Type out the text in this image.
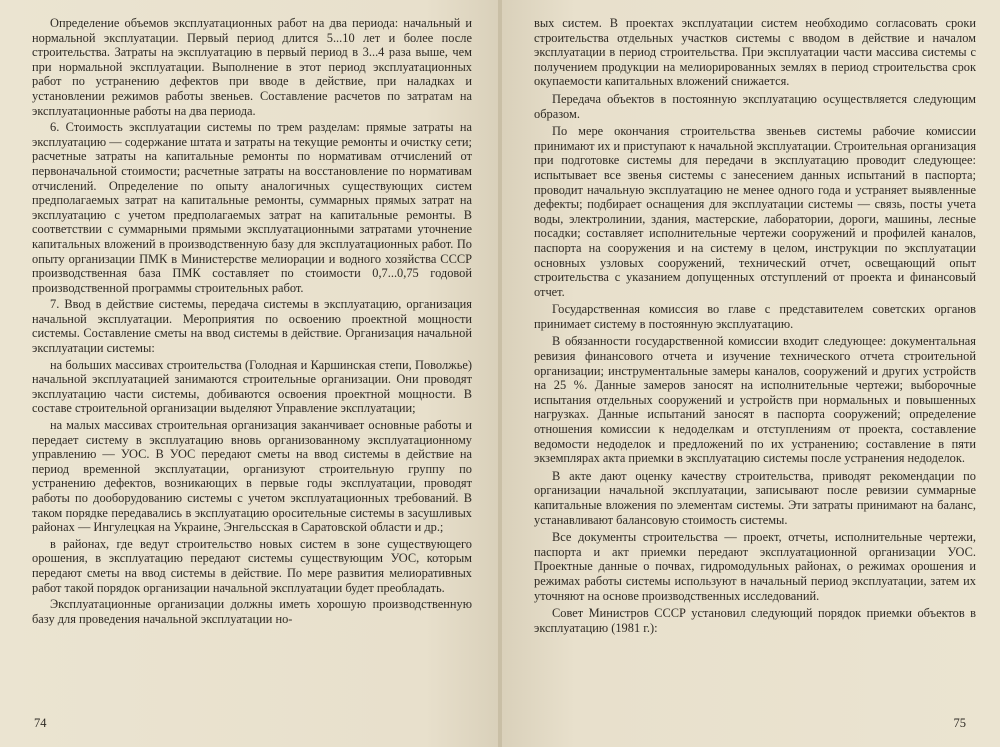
Определение объемов эксплуатационных работ на два периода: начальный и нормальной эксплуатации. Первый период длится 5...10 лет и более после строительства. Затраты на эксплуатацию в первый период в 3...4 раза выше, чем при нормальной эксплуатации. Выполнение в этот период эксплуатационных работ по устранению дефектов при вводе в действие, при наладках и установлении режимов работы звеньев. Составление расчетов по затратам на эксплуатационные работы на два периода.

6. Стоимость эксплуатации системы по трем разделам: прямые затраты на эксплуатацию — содержание штата и затраты на текущие ремонты и очистку сети; расчетные затраты на капитальные ремонты по нормативам отчислений от первоначальной стоимости; расчетные затраты на восстановление по нормативам отчислений. Определение по опыту аналогичных существующих систем предполагаемых затрат на капитальные ремонты, суммарных прямых затрат на эксплуатацию с учетом предполагаемых затрат на капитальные ремонты. В соответствии с суммарными прямыми эксплуатационными затратами уточнение капитальных вложений в производственную базу для эксплуатационных работ. По опыту организации ПМК в Министерстве мелиорации и водного хозяйства СССР производственная база ПМК составляет по стоимости 0,7...0,75 годовой производственной программы строительных работ.

7. Ввод в действие системы, передача системы в эксплуатацию, организация начальной эксплуатации. Мероприятия по освоению проектной мощности системы. Составление сметы на ввод системы в действие. Организация начальной эксплуатации системы:

на больших массивах строительства (Голодная и Каршинская степи, Поволжье) начальной эксплуатацией занимаются строительные организации. Они проводят эксплуатацию части системы, добиваются освоения проектной мощности. В составе строительной организации выделяют Управление эксплуатации;

на малых массивах строительная организация заканчивает основные работы и передает систему в эксплуатацию вновь организованному эксплуатационному управлению — УОС. В УОС передают сметы на ввод системы в действие на период временной эксплуатации, организуют строительную группу по устранению дефектов, возникающих в первые годы эксплуатации, проводят работы по дооборудованию системы с учетом эксплуатационных требований. В таком порядке передавались в эксплуатацию оросительные системы в засушливых районах — Ингулецкая на Украине, Энгельсская в Саратовской области и др.;

в районах, где ведут строительство новых систем в зоне существующего орошения, в эксплуатацию передают системы существующим УОС, которым передают сметы на ввод системы в действие. По мере развития мелиоративных работ такой порядок организации начальной эксплуатации будет преобладать.

Эксплуатационные организации должны иметь хорошую производственную базу для проведения начальной эксплуатации но-

74

вых систем. В проектах эксплуатации систем необходимо согласовать сроки строительства отдельных участков системы с вводом в действие и началом эксплуатации в период строительства. При эксплуатации части массива системы с получением продукции на мелиорированных землях в период строительства срок окупаемости капитальных вложений снижается.

Передача объектов в постоянную эксплуатацию осуществляется следующим образом.

По мере окончания строительства звеньев системы рабочие комиссии принимают их и приступают к начальной эксплуатации. Строительная организация при подготовке системы для передачи в эксплуатацию проводит следующее: испытывает все звенья системы с занесением данных испытаний в паспорта; проводит начальную эксплуатацию не менее одного года и устраняет выявленные дефекты; подбирает оснащения для эксплуатации системы — связь, посты учета воды, электролинии, здания, мастерские, лаборатории, дороги, машины, лесные посадки; составляет исполнительные чертежи сооружений и профилей каналов, паспорта на сооружения и на систему в целом, инструкции по эксплуатации основных узловых сооружений, технический отчет, освещающий опыт строительства с указанием допущенных отступлений от проекта и финансовый отчет.

Государственная комиссия во главе с представителем советских органов принимает систему в постоянную эксплуатацию.

В обязанности государственной комиссии входит следующее: документальная ревизия финансового отчета и изучение технического отчета строительной организации; инструментальные замеры каналов, сооружений и других устройств на 25 %. Данные замеров заносят на исполнительные чертежи; выборочные испытания отдельных сооружений и устройств при нормальных и повышенных нагрузках. Данные испытаний заносят в паспорта сооружений; определение отношения комиссии к недоделкам и отступлениям от проекта, составление ведомости недоделок и предложений по их устранению; составление в пяти экземплярах акта приемки в эксплуатацию системы после устранения недоделок.

В акте дают оценку качеству строительства, приводят рекомендации по организации начальной эксплуатации, записывают после ревизии суммарные капитальные вложения по элементам системы. Эти затраты принимают на баланс, устанавливают балансовую стоимость системы.

Все документы строительства — проект, отчеты, исполнительные чертежи, паспорта и акт приемки передают эксплуатационной организации УОС. Проектные данные о почвах, гидромодульных районах, о режимах орошения и режимах работы системы используют в начальный период эксплуатации, затем их уточняют на основе производственных исследований.

Совет Министров СССР установил следующий порядок приемки объектов в эксплуатацию (1981 г.):

75
